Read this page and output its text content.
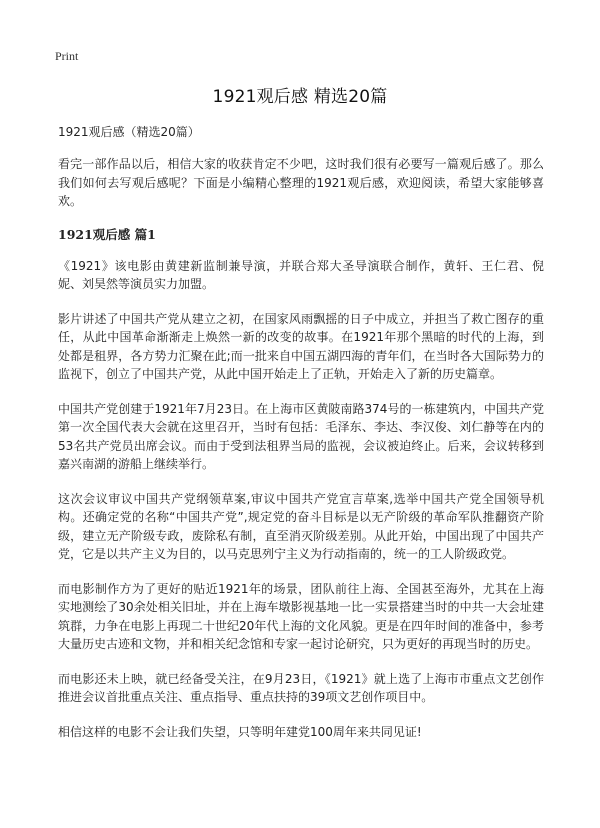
Print
1921观后感 精选20篇
1921观后感（精选20篇）

看完一部作品以后，相信大家的收获肯定不少吧，这时我们很有必要写一篇观后感了。那么我们如何去写观后感呢？下面是小编精心整理的1921观后感，欢迎阅读，希望大家能够喜欢。

1921观后感 篇1

《1921》该电影由黄建新监制兼导演，并联合郑大圣导演联合制作，黄轩、王仁君、倪妮、刘昊然等演员实力加盟。

影片讲述了中国共产党从建立之初，在国家风雨飘摇的日子中成立，并担当了救亡图存的重任，从此中国革命渐渐走上焕然一新的改变的故事。在1921年那个黑暗的时代的上海，到处都是租界，各方势力汇聚在此;而一批来自中国五湖四海的青年们，在当时各大国际势力的监视下，创立了中国共产党，从此中国开始走上了正轨，开始走入了新的历史篇章。

中国共产党创建于1921年7月23日。在上海市区黄陂南路374号的一栋建筑内，中国共产党第一次全国代表大会就在这里召开，当时有包括：毛泽东、李达、李汉俊、刘仁静等在内的53名共产党员出席会议。而由于受到法租界当局的监视，会议被迫终止。后来，会议转移到嘉兴南湖的游船上继续举行。

这次会议审议中国共产党纲领草案,审议中国共产党宣言草案,选举中国共产党全国领导机构。还确定党的名称“中国共产党”,规定党的奋斗目标是以无产阶级的革命军队推翻资产阶级，建立无产阶级专政，废除私有制，直至消灭阶级差别。从此开始，中国出现了中国共产党，它是以共产主义为目的，以马克思列宁主义为行动指南的，统一的工人阶级政党。

而电影制作方为了更好的贴近1921年的场景，团队前往上海、全国甚至海外，尤其在上海实地测绘了30余处相关旧址，并在上海车墩影视基地一比一实景搭建当时的中共一大会址建筑群，力争在电影上再现二十世纪20年代上海的文化风貌。更是在四年时间的准备中，参考大量历史古迹和文物，并和相关纪念馆和专家一起讨论研究，只为更好的再现当时的历史。

而电影还未上映，就已经备受关注，在9月23日，《1921》就上选了上海市市重点文艺创作推进会议首批重点关注、重点指导、重点扶持的39项文艺创作项目中。

相信这样的电影不会让我们失望，只等明年建党100周年来共同见证!
